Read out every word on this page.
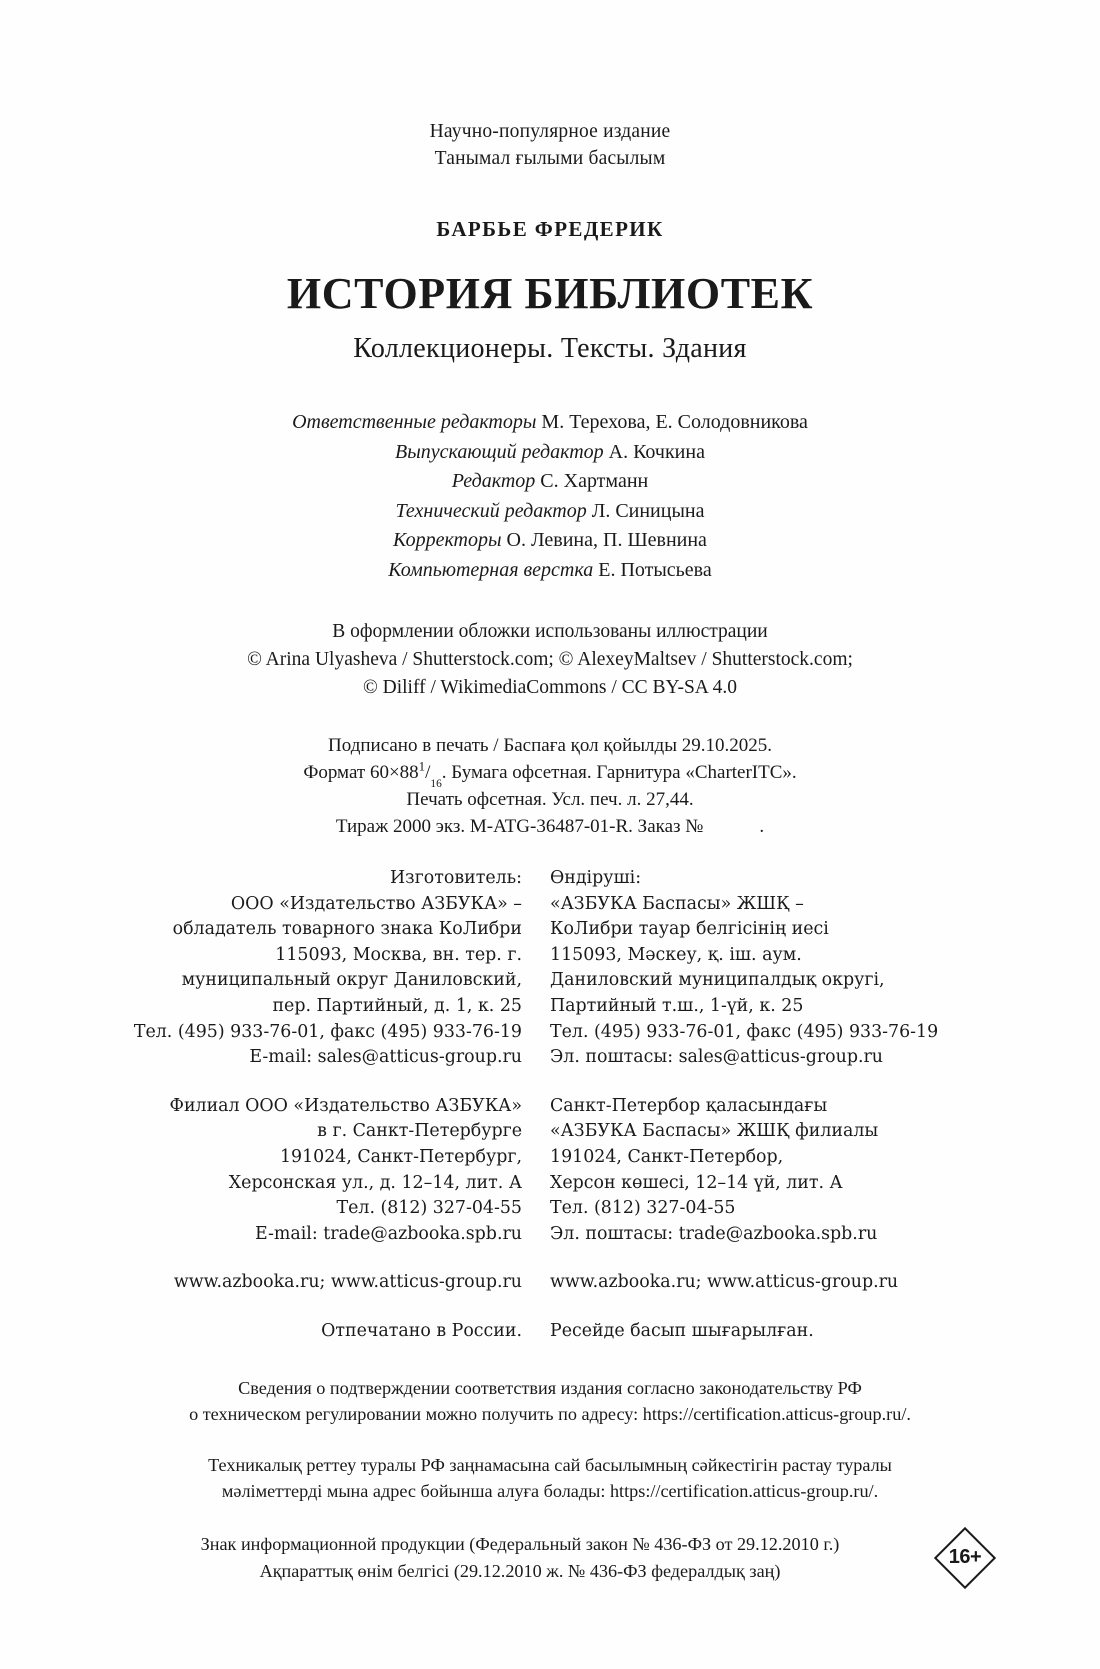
Научно-популярное издание
Танымал ғылыми басылым
БАРБЬЕ ФРЕДЕРИК
ИСТОРИЯ БИБЛИОТЕК
Коллекционеры. Тексты. Здания
Ответственные редакторы М. Терехова, Е. Солодовникова
Выпускающий редактор А. Кочкина
Редактор С. Хартманн
Технический редактор Л. Синицына
Корректоры О. Левина, П. Шевнина
Компьютерная верстка Е. Потысьева
В оформлении обложки использованы иллюстрации
© Arina Ulyasheva / Shutterstock.com; © AlexeyMaltsev / Shutterstock.com;
© Diliff / WikimediaCommons / CC BY-SA 4.0
Подписано в печать / Баспаға қол қойылды 29.10.2025.
Формат $60\times 88^1/_{16}$. Бумага офсетная. Гарнитура «CharterITC».
Печать офсетная. Усл. печ. л. 27,44.
Тираж 2000 экз. M-ATG-36487-01-R. Заказ №	.
Изготовитель:
ООО «Издательство АЗБУКА» –
обладатель товарного знака КоЛибри
115093, Москва, вн. тер. г.
муниципальный округ Даниловский,
пер. Партийный, д. 1, к. 25
Тел. (495) 933-76-01, факс (495) 933-76-19
E-mail: sales@atticus-group.ru
Филиал ООО «Издательство АЗБУКА»
в г. Санкт-Петербурге
191024, Санкт-Петербург,
Херсонская ул., д. 12–14, лит. А
Тел. (812) 327-04-55
E-mail: trade@azbooka.spb.ru
www.azbooka.ru; www.atticus-group.ru
Отпечатано в России.
Өндіруші:
«АЗБУКА Баспасы» ЖШҚ –
КоЛибри тауар белгісінің иесі
115093, Мәскеу, қ. іш. аум.
Даниловский муниципалдық округі,
Партийный т.ш., 1-үй, к. 25
Тел. (495) 933-76-01, факс (495) 933-76-19
Эл. поштасы: sales@atticus-group.ru
Санкт-Петербор қаласындағы
«АЗБУКА Баспасы» ЖШҚ филиалы
191024, Санкт-Петербор,
Херсон көшесі, 12–14 үй, лит. А
Тел. (812) 327-04-55
Эл. поштасы: trade@azbooka.spb.ru
www.azbooka.ru; www.atticus-group.ru
Ресейде басып шығарылған.
Сведения о подтверждении соответствия издания согласно законодательству РФ
о техническом регулировании можно получить по адресу: https://certification.atticus-group.ru/.
Техникалық реттеу туралы РФ заңнамасына сай басылымның сәйкестігін растау туралы
мәліметтерді мына адрес бойынша алуға болады: https://certification.atticus-group.ru/.
Знак информационной продукции (Федеральный закон № 436-ФЗ от 29.12.2010 г.)
Ақпараттық өнім белгісі (29.12.2010 ж. № 436-ФЗ федералдық заң)
16+
